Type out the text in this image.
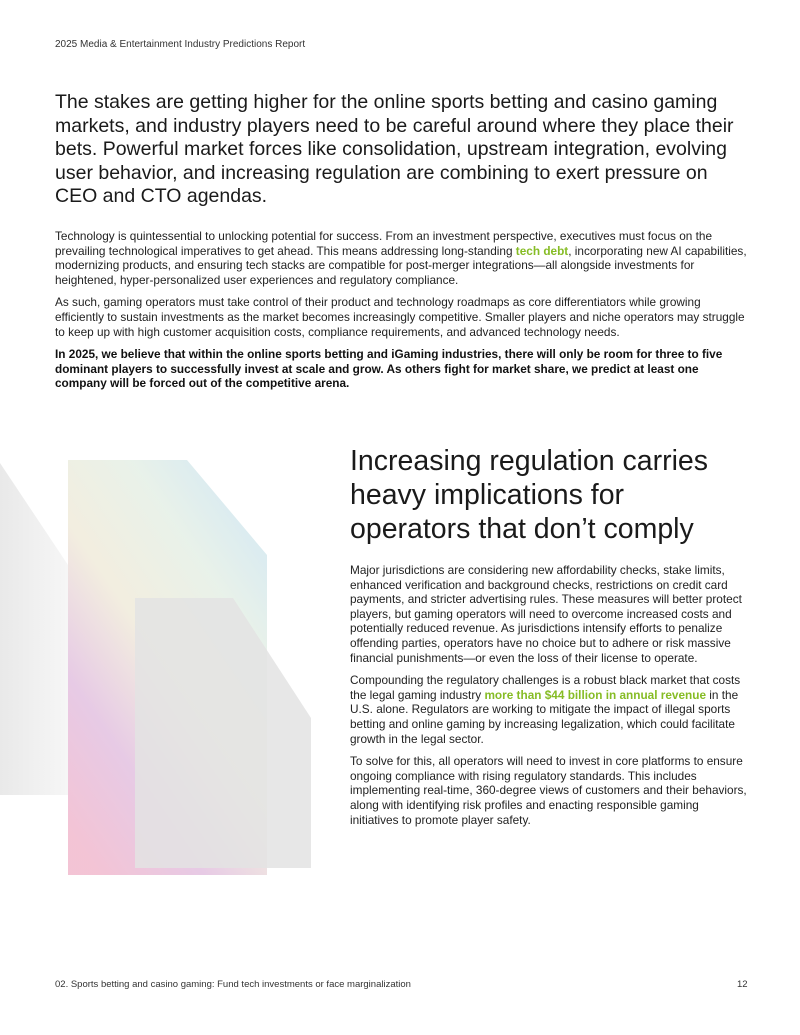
2025 Media & Entertainment Industry Predictions Report
The stakes are getting higher for the online sports betting and casino gaming markets, and industry players need to be careful around where they place their bets. Powerful market forces like consolidation, upstream integration, evolving user behavior, and increasing regulation are combining to exert pressure on CEO and CTO agendas.

Technology is quintessential to unlocking potential for success. From an investment perspective, executives must focus on the prevailing technological imperatives to get ahead. This means addressing long-standing tech debt, incorporating new AI capabilities, modernizing products, and ensuring tech stacks are compatible for post-merger integrations—all alongside investments for heightened, hyper-personalized user experiences and regulatory compliance.

As such, gaming operators must take control of their product and technology roadmaps as core differentiators while growing efficiently to sustain investments as the market becomes increasingly competitive. Smaller players and niche operators may struggle to keep up with high customer acquisition costs, compliance requirements, and advanced technology needs.

In 2025, we believe that within the online sports betting and iGaming industries, there will only be room for three to five dominant players to successfully invest at scale and grow. As others fight for market share, we predict at least one company will be forced out of the competitive arena.

Increasing regulation carries heavy implications for operators that don’t comply

Major jurisdictions are considering new affordability checks, stake limits, enhanced verification and background checks, restrictions on credit card payments, and stricter advertising rules. These measures will better protect players, but gaming operators will need to overcome increased costs and potentially reduced revenue. As jurisdictions intensify efforts to penalize offending parties, operators have no choice but to adhere or risk massive financial punishments—or even the loss of their license to operate.

Compounding the regulatory challenges is a robust black market that costs the legal gaming industry more than $44 billion in annual revenue in the U.S. alone. Regulators are working to mitigate the impact of illegal sports betting and online gaming by increasing legalization, which could facilitate growth in the legal sector.

To solve for this, all operators will need to invest in core platforms to ensure ongoing compliance with rising regulatory standards. This includes implementing real-time, 360-degree views of customers and their behaviors, along with identifying risk profiles and enacting responsible gaming initiatives to promote player safety.

02. Sports betting and casino gaming: Fund tech investments or face marginalization	12
